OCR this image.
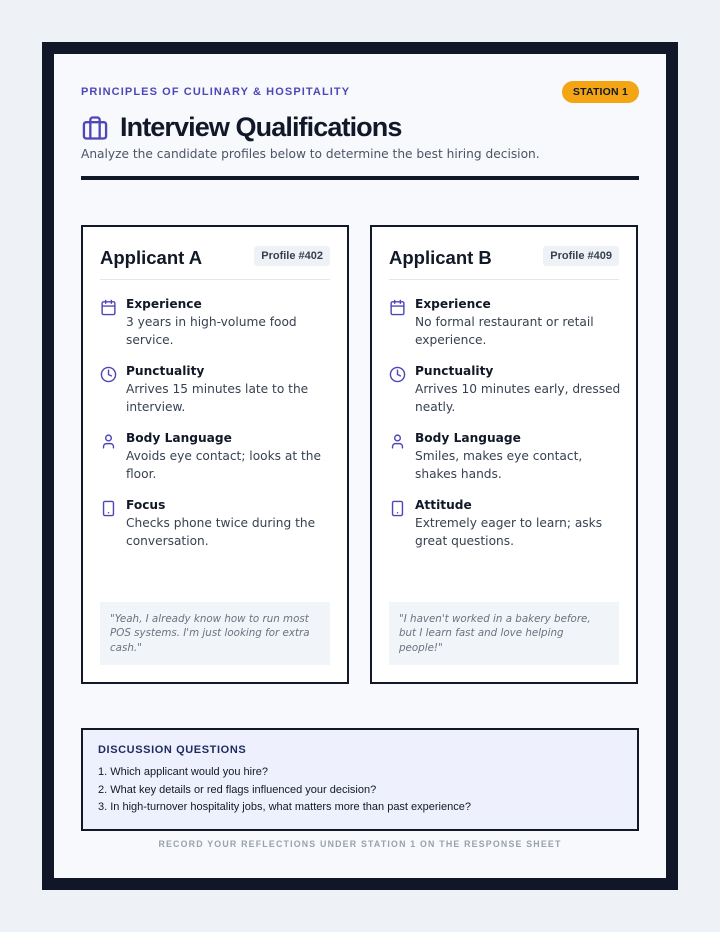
PRINCIPLES OF CULINARY & HOSPITALITY	STATION 1
Interview Qualifications
Analyze the candidate profiles below to determine the best hiring decision.
Applicant A	Profile #402
Experience
3 years in high-volume food service.
Punctuality
Arrives 15 minutes late to the interview.
Body Language
Avoids eye contact; looks at the floor.
Focus
Checks phone twice during the conversation.
"Yeah, I already know how to run most POS systems. I'm just looking for extra cash."
Applicant B	Profile #409
Experience
No formal restaurant or retail experience.
Punctuality
Arrives 10 minutes early, dressed neatly.
Body Language
Smiles, makes eye contact, shakes hands.
Attitude
Extremely eager to learn; asks great questions.
"I haven't worked in a bakery before, but I learn fast and love helping people!"
DISCUSSION QUESTIONS
1. Which applicant would you hire?
2. What key details or red flags influenced your decision?
3. In high-turnover hospitality jobs, what matters more than past experience?
RECORD YOUR REFLECTIONS UNDER STATION 1 ON THE RESPONSE SHEET
